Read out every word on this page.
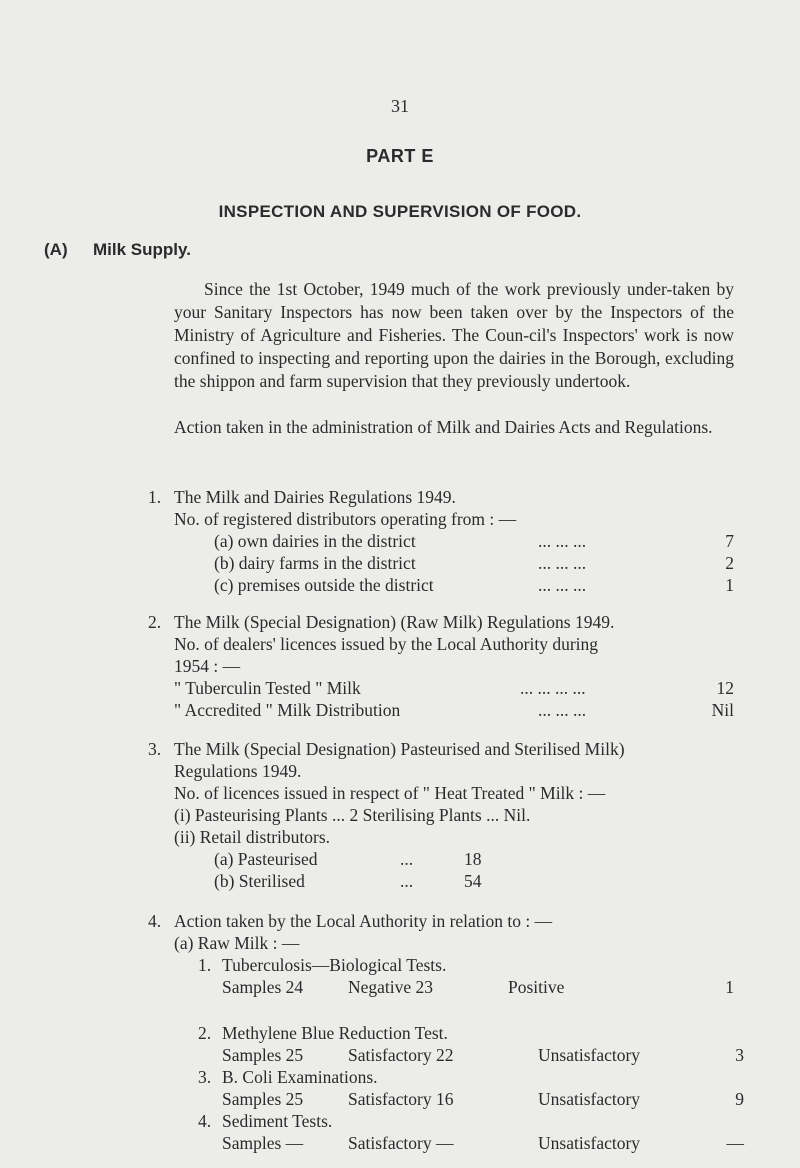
31
PART E
INSPECTION AND SUPERVISION OF FOOD.
(A) Milk Supply.
Since the 1st October, 1949 much of the work previously under-taken by your Sanitary Inspectors has now been taken over by the Inspectors of the Ministry of Agriculture and Fisheries. The Coun-cil's Inspectors' work is now confined to inspecting and reporting upon the dairies in the Borough, excluding the shippon and farm supervision that they previously undertook.
Action taken in the administration of Milk and Dairies Acts and Regulations.
1. The Milk and Dairies Regulations 1949.
No. of registered distributors operating from : —
(a) own dairies in the district	... ... ...	7
(b) dairy farms in the district	... ... ...	2
(c) premises outside the district	... ... ...	1
2. The Milk (Special Designation) (Raw Milk) Regulations 1949.
No. of dealers' licences issued by the Local Authority during
1954 : —
" Tuberculin Tested " Milk	... ... ... ...	12
" Accredited " Milk Distribution	... ... ...	Nil
3. The Milk (Special Designation) Pasteurised and Sterilised Milk)
Regulations 1949.
No. of licences issued in respect of " Heat Treated " Milk : —
(i) Pasteurising Plants ... 2 Sterilising Plants ... Nil.
(ii) Retail distributors.
(a) Pasteurised	...	18
(b) Sterilised	...	54
4. Action taken by the Local Authority in relation to : —
(a) Raw Milk : —
1. Tuberculosis—Biological Tests.
Samples 24	Negative 23	Positive	1
2. Methylene Blue Reduction Test.
Samples 25	Satisfactory 22	Unsatisfactory	3
3. B. Coli Examinations.
Samples 25	Satisfactory 16	Unsatisfactory	9
4. Sediment Tests.
Samples —	Satisfactory —	Unsatisfactory	—
